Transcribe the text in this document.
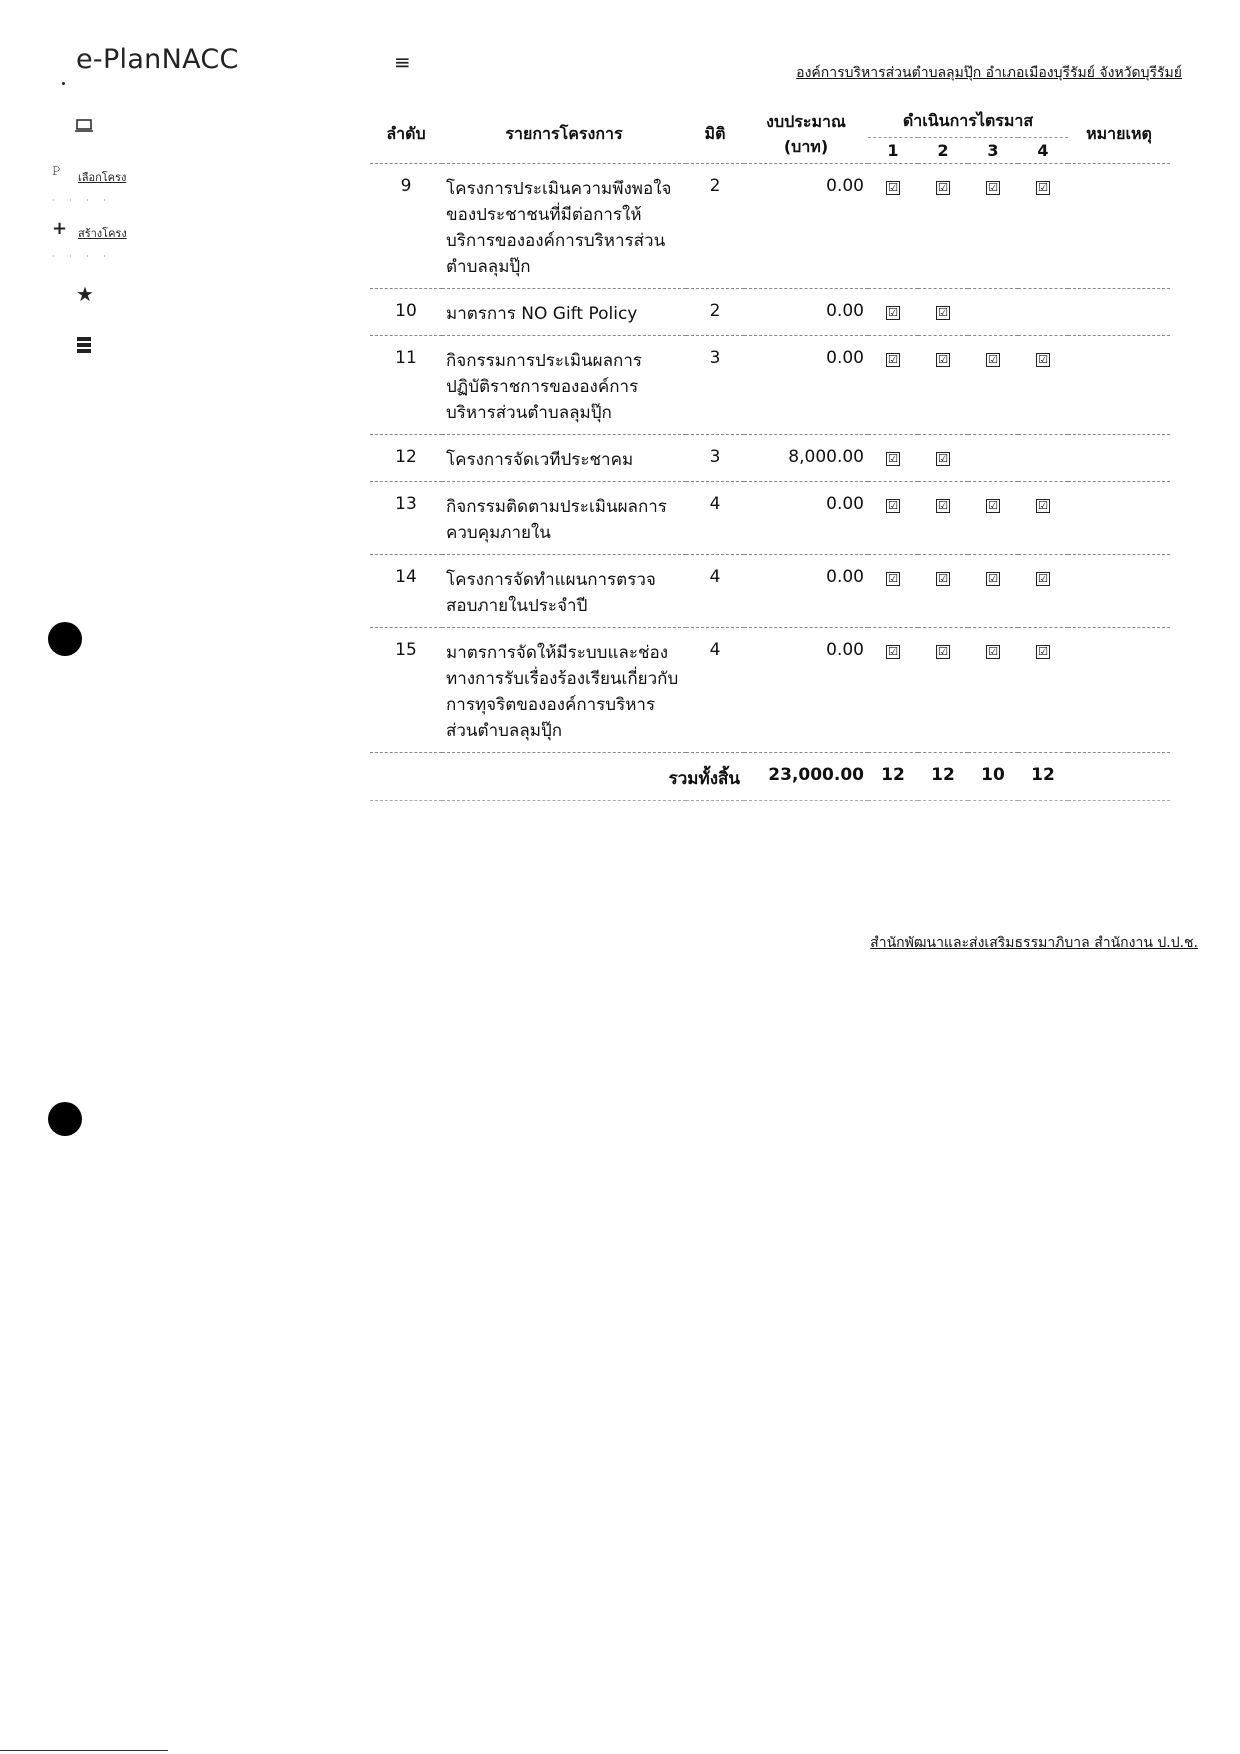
e-PlanNACC	≡	องค์การบริหารส่วนตำบลลุมปุ๊ก อำเภอเมืองบุรีรัมย์ จังหวัดบุรีรัมย์
𝙿 เลือกโครง
· · · ·
+ สร้างโครง
· · · ·
★
ลำดับ	รายการโครงการ	มิติ	งบประมาณ (บาท)	ดำเนินการไตรมาส				หมายเหตุ
				1	2	3	4	
9	โครงการประเมินความพึงพอใจของประชาชนที่มีต่อการให้บริการขององค์การบริหารส่วนตำบลลุมปุ๊ก	2	0.00	☑	☑	☑	☑	
10	มาตรการ NO Gift Policy	2	0.00	☑	☑			
11	กิจกรรมการประเมินผลการปฏิบัติราชการขององค์การบริหารส่วนตำบลลุมปุ๊ก	3	0.00	☑	☑	☑	☑	
12	โครงการจัดเวทีประชาคม	3	8,000.00	☑	☑			
13	กิจกรรมติดตามประเมินผลการควบคุมภายใน	4	0.00	☑	☑	☑	☑	
14	โครงการจัดทำแผนการตรวจสอบภายในประจำปี	4	0.00	☑	☑	☑	☑	
15	มาตรการจัดให้มีระบบและช่องทางการรับเรื่องร้องเรียนเกี่ยวกับการทุจริตขององค์การบริหารส่วนตำบลลุมปุ๊ก	4	0.00	☑	☑	☑	☑	
รวมทั้งสิ้น			23,000.00	12	12	10	12	
สำนักพัฒนาและส่งเสริมธรรมาภิบาล สำนักงาน ป.ป.ช.
